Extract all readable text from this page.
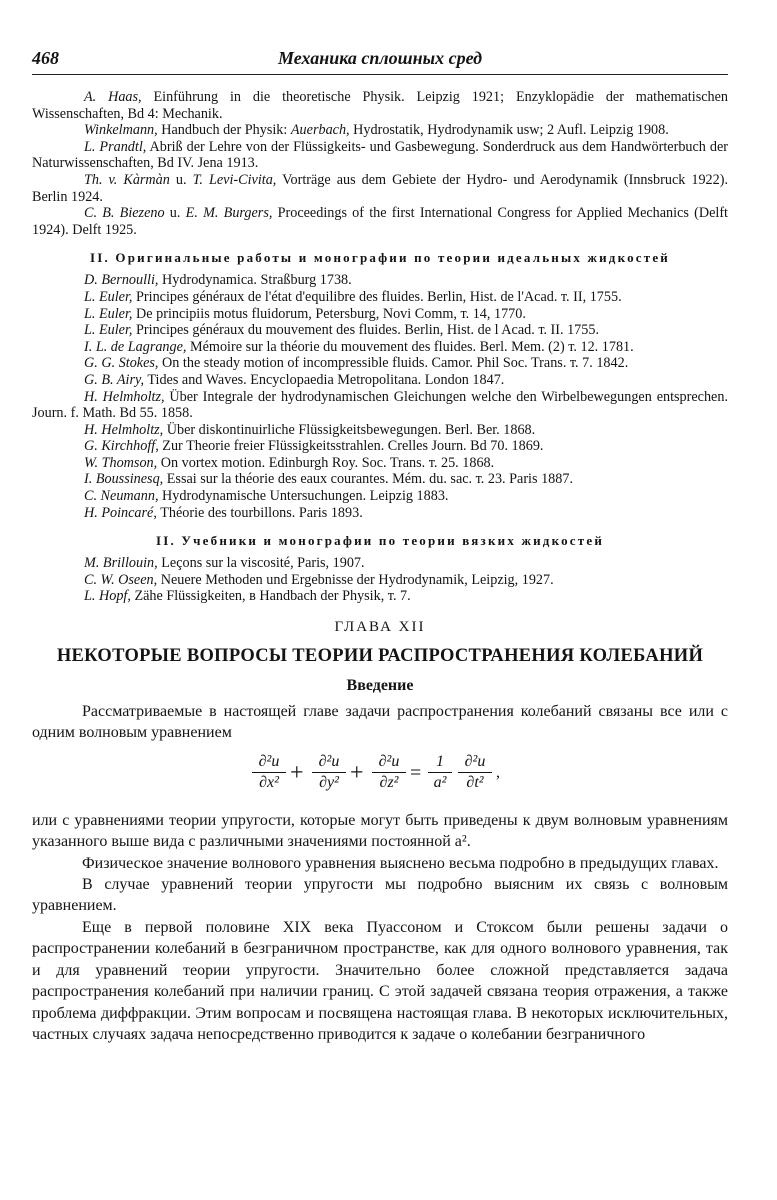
468	Механика сплошных сред

A. Haas, Einführung in die theoretische Physik. Leipzig 1921; Enzyklopädie der mathematischen Wissenschaften, Bd 4: Mechanik.

Winkelmann, Handbuch der Physik: Auerbach, Hydrostatik, Hydrodynamik usw; 2 Aufl. Leipzig 1908.

L. Prandtl, Abriß der Lehre von der Flüssigkeits- und Gasbewegung. Sonderdruck aus dem Handwörterbuch der Naturwissenschaften, Bd IV. Jena 1913.

Th. v. Kàrmàn u. T. Levi-Civita, Vorträge aus dem Gebiete der Hydro- und Aerodynamik (Innsbruck 1922). Berlin 1924.

C. B. Biezeno u. E. M. Burgers, Proceedings of the first International Congress for Applied Mechanics (Delft 1924). Delft 1925.

II. Оригинальные работы и монографии по теории идеальных жидкостей

D. Bernoulli, Hydrodynamica. Straßburg 1738.

L. Euler, Principes généraux de l'état d'equilibre des fluides. Berlin, Hist. de l'Acad. т. II, 1755.

L. Euler, De principiis motus fluidorum, Petersburg, Novi Comm, т. 14, 1770.

L. Euler, Principes généraux du mouvement des fluides. Berlin, Hist. de l Acad. т. II. 1755.

I. L. de Lagrange, Mémoire sur la théorie du mouvement des fluides. Berl. Mem. (2) т. 12. 1781.

G. G. Stokes, On the steady motion of incompressible fluids. Camor. Phil Soc. Trans. т. 7. 1842.

G. B. Airy, Tides and Waves. Encyclopaedia Metropolitana. London 1847.

H. Helmholtz, Über Integrale der hydrodynamischen Gleichungen welche den Wirbelbewegungen entsprechen. Journ. f. Math. Bd 55. 1858.

H. Helmholtz, Über diskontinuirliche Flüssigkeitsbewegungen. Berl. Ber. 1868.

G. Kirchhoff, Zur Theorie freier Flüssigkeitsstrahlen. Crelles Journ. Bd 70. 1869.

W. Thomson, On vortex motion. Edinburgh Roy. Soc. Trans. т. 25. 1868.

I. Boussinesq, Essai sur la théorie des eaux courantes. Mém. du. sac. т. 23. Paris 1887.

C. Neumann, Hydrodynamische Untersuchungen. Leipzig 1883.

H. Poincaré, Théorie des tourbillons. Paris 1893.

II. Учебники и монографии по теории вязких жидкостей

M. Brillouin, Leçons sur la viscosité, Paris, 1907.

C. W. Oseen, Neuere Methoden und Ergebnisse der Hydrodynamik, Leipzig, 1927.

L. Hopf, Zähe Flüssigkeiten, в Handbach der Physik, т. 7.

ГЛАВА XII
НЕКОТОРЫЕ ВОПРОСЫ ТЕОРИИ РАСПРОСТРАНЕНИЯ КОЛЕБАНИЙ
Введение

Рассматриваемые в настоящей главе задачи распространения колебаний связаны все или с одним волновым уравнением

$\frac{\text{∂²u}}{\text{∂x²}} + \frac{\text{∂²u}}{\text{∂y²}} + \frac{\text{∂²u}}{\text{∂z²}} = \frac{1}{\text{a²}} \frac{\text{∂²u}}{\text{∂t²}}$ ,

или с уравнениями теории упругости, которые могут быть приведены к двум волновым уравнениям указанного выше вида с различными значениями постоянной a².

Физическое значение волнового уравнения выяснено весьма подробно в предыдущих главах.

В случае уравнений теории упругости мы подробно выясним их связь с волновым уравнением.

Еще в первой половине XIX века Пуассоном и Стоксом были решены задачи о распространении колебаний в безграничном пространстве, как для одного волнового уравнения, так и для уравнений теории упругости. Значительно более сложной представляется задача распространения колебаний при наличии границ. С этой задачей связана теория отражения, а также проблема диффракции. Этим вопросам и посвящена настоящая глава. В некоторых исключительных, частных случаях задача непосредственно приводится к задаче о колебании безграничного
